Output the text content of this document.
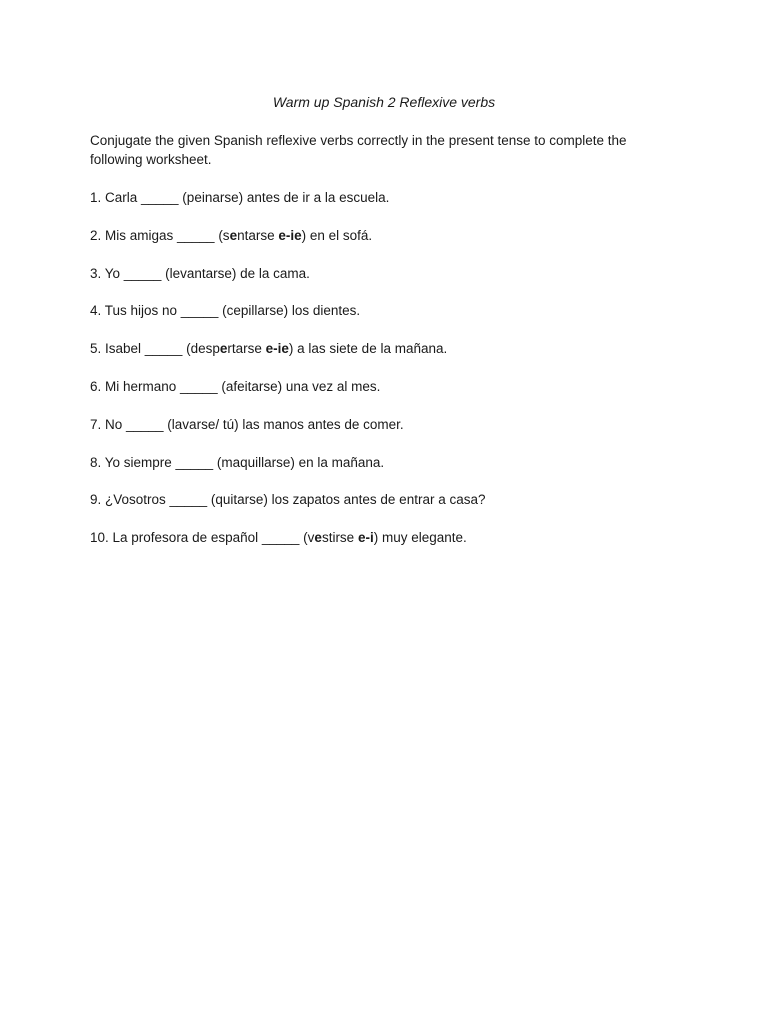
Warm up Spanish 2 Reflexive verbs

Conjugate the given Spanish reflexive verbs correctly in the present tense to complete the following worksheet.

1. Carla _____ (peinarse) antes de ir a la escuela.
2. Mis amigas _____ (sentarse e-ie) en el sofá.
3. Yo _____ (levantarse) de la cama.
4. Tus hijos no _____ (cepillarse) los dientes.
5. Isabel _____ (despertarse e-ie) a las siete de la mañana.
6. Mi hermano _____ (afeitarse) una vez al mes.
7. No _____ (lavarse/ tú) las manos antes de comer.
8. Yo siempre _____ (maquillarse) en la mañana.
9. ¿Vosotros _____ (quitarse) los zapatos antes de entrar a casa?
10. La profesora de español _____ (vestirse e-i) muy elegante.
